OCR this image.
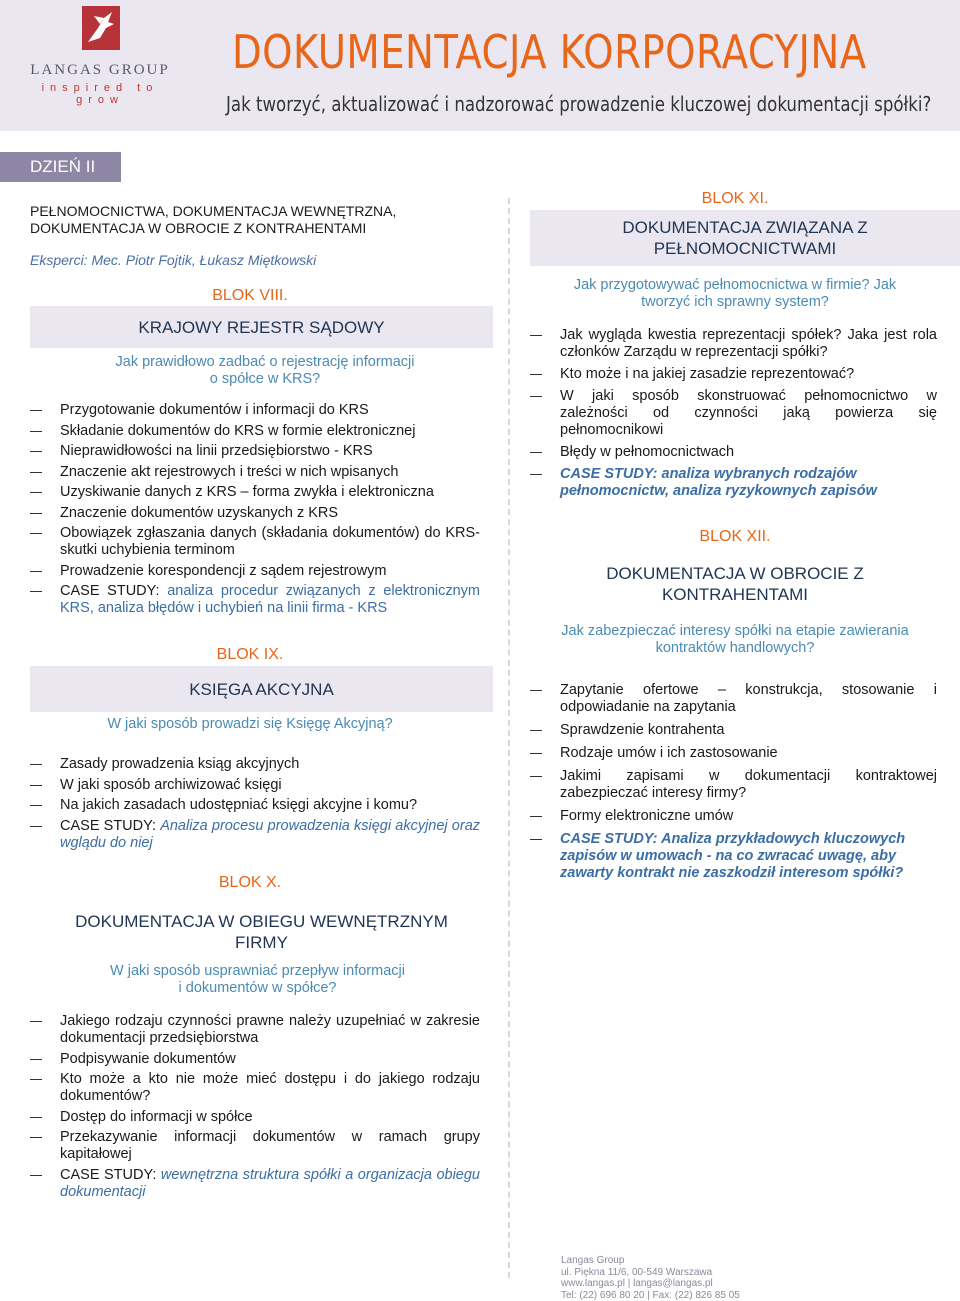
LANGAS GROUP
inspired to grow
DOKUMENTACJA KORPORACYJNA
Jak tworzyć, aktualizować i nadzorować prowadzenie kluczowej dokumentacji spółki?
DZIEŃ II
PEŁNOMOCNICTWA, DOKUMENTACJA WEWNĘTRZNA,
DOKUMENTACJA W OBROCIE Z KONTRAHENTAMI
Eksperci: Mec. Piotr Fojtik, Łukasz Miętkowski
BLOK VIII.
KRAJOWY REJESTR SĄDOWY
Jak prawidłowo zadbać o rejestrację informacji
o spółce w KRS?
Przygotowanie dokumentów i informacji do KRS
Składanie dokumentów do KRS w formie elektronicznej
Nieprawidłowości na linii przedsiębiorstwo - KRS
Znaczenie akt rejestrowych i treści w nich wpisanych
Uzyskiwanie danych z KRS – forma zwykła i elektroniczna
Znaczenie dokumentów uzyskanych z KRS
Obowiązek zgłaszania danych (składania dokumentów) do KRS-skutki uchybienia terminom
Prowadzenie korespondencji z sądem rejestrowym
CASE STUDY: analiza procedur związanych z elektronicznym KRS, analiza błędów i uchybień na linii firma - KRS
BLOK IX.
KSIĘGA AKCYJNA
W jaki sposób prowadzi się Księgę Akcyjną?
Zasady prowadzenia ksiąg akcyjnych
W jaki sposób archiwizować księgi
Na jakich zasadach udostępniać księgi akcyjne i komu?
CASE STUDY: Analiza procesu prowadzenia księgi akcyjnej oraz wglądu do niej
BLOK X.
DOKUMENTACJA W OBIEGU WEWNĘTRZNYM
FIRMY
W jaki sposób usprawniać przepływ informacji
i dokumentów w spółce?
Jakiego rodzaju czynności prawne należy uzupełniać w zakresie dokumentacji przedsiębiorstwa
Podpisywanie dokumentów
Kto może a kto nie może mieć dostępu i do jakiego rodzaju dokumentów?
Dostęp do informacji w spółce
Przekazywanie informacji dokumentów w ramach grupy kapitałowej
CASE STUDY: wewnętrzna struktura spółki a organizacja obiegu dokumentacji
BLOK XI.
DOKUMENTACJA ZWIĄZANA Z
PEŁNOMOCNICTWAMI
Jak przygotowywać pełnomocnictwa w firmie? Jak
tworzyć ich sprawny system?
Jak wygląda kwestia reprezentacji spółek? Jaka jest rola członków Zarządu w reprezentacji spółki?
Kto może i na jakiej zasadzie reprezentować?
W jaki sposób skonstruować pełnomocnictwo w zależności od czynności jaką powierza się pełnomocnikowi
Błędy w pełnomocnictwach
CASE STUDY: analiza wybranych rodzajów pełnomocnictw, analiza ryzykownych zapisów
BLOK XII.
DOKUMENTACJA W OBROCIE Z
KONTRAHENTAMI
Jak zabezpieczać interesy spółki na etapie zawierania
kontraktów handlowych?
Zapytanie ofertowe – konstrukcja, stosowanie i odpowiadanie na zapytania
Sprawdzenie kontrahenta
Rodzaje umów i ich zastosowanie
Jakimi zapisami w dokumentacji kontraktowej zabezpieczać interesy firmy?
Formy elektroniczne umów
CASE STUDY: Analiza przykładowych kluczowych zapisów w umowach - na co zwracać uwagę, aby zawarty kontrakt nie zaszkodził interesom spółki?
Langas Group
ul. Piękna 11/6, 00-549 Warszawa
www.langas.pl | langas@langas.pl
Tel: (22) 696 80 20 | Fax: (22) 826 85 05
